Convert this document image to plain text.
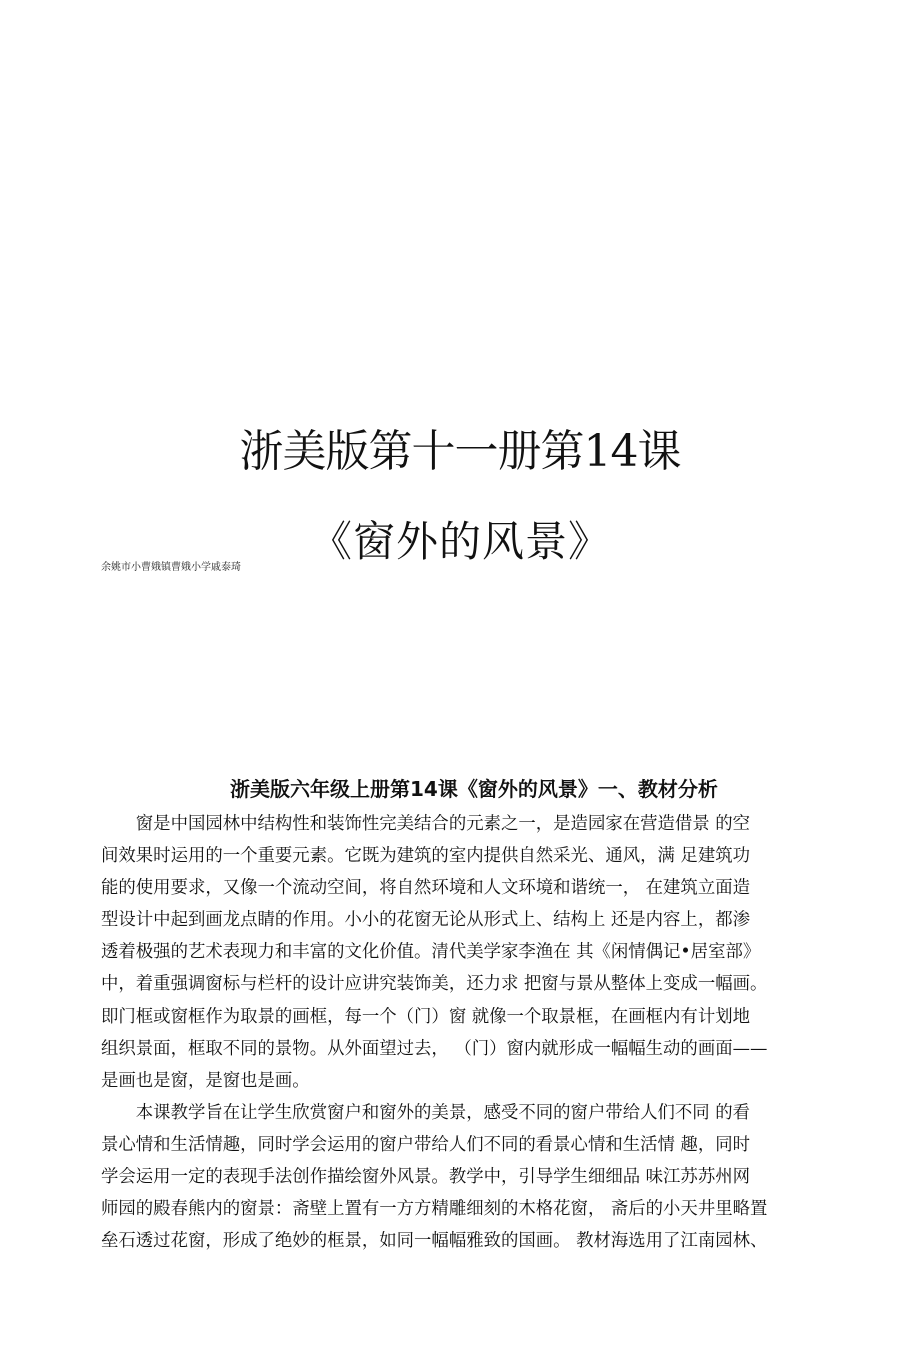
浙美版第十一册第14课
余姚市小曹娥镇曹娥小学戚泰琦
《窗外的风景》
浙美版六年级上册第14课《窗外的风景》一、教材分析
　　窗是中国园林中结构性和装饰性完美结合的元素之一，是造园家在营造借景 的空
间效果时运用的一个重要元素。它既为建筑的室内提供自然采光、通风，满 足建筑功
能的使用要求，又像一个流动空间，将自然环境和人文环境和谐统一， 在建筑立面造
型设计中起到画龙点睛的作用。小小的花窗无论从形式上、结构上 还是内容上，都渗
透着极强的艺术表现力和丰富的文化价值。清代美学家李渔在 其《闲情偶记•居室部》
中，着重强调窗标与栏杆的设计应讲究装饰美，还力求 把窗与景从整体上变成一幅画。
即门框或窗框作为取景的画框，每一个（门）窗 就像一个取景框，在画框内有计划地
组织景面，框取不同的景物。从外面望过去， （门）窗内就形成一幅幅生动的画面——
是画也是窗，是窗也是画。
　　本课教学旨在让学生欣赏窗户和窗外的美景，感受不同的窗户带给人们不同 的看
景心情和生活情趣，同时学会运用的窗户带给人们不同的看景心情和生活情 趣，同时
学会运用一定的表现手法创作描绘窗外风景。教学中，引导学生细细品 味江苏苏州网
师园的殿春熊内的窗景：斋壁上置有一方方精雕细刻的木格花窗， 斋后的小天井里略置
垒石透过花窗，形成了绝妙的框景，如同一幅幅雅致的国画。 教材海选用了江南园林、
